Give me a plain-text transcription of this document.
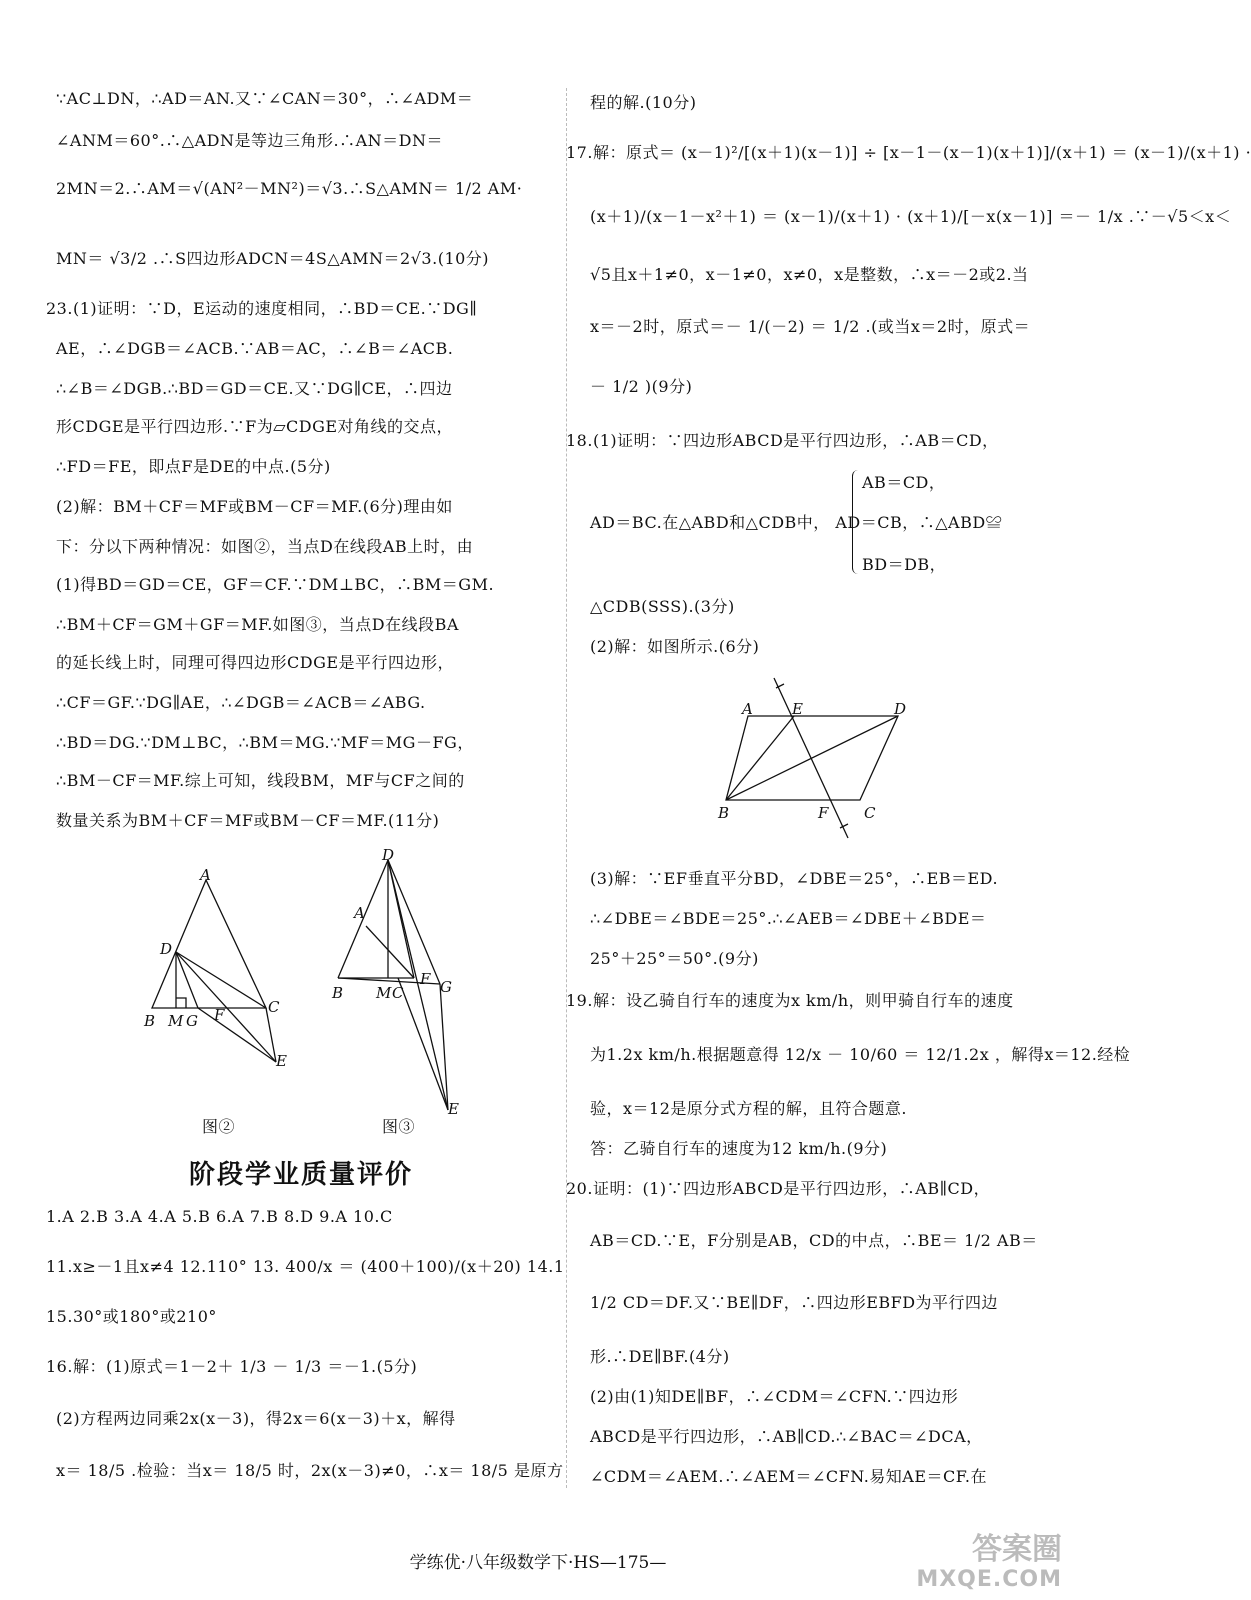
∵AC⊥DN，∴AD＝AN.又∵∠CAN＝30°，∴∠ADM＝
∠ANM＝60°.∴△ADN是等边三角形.∴AN＝DN＝
2MN＝2.∴AM＝√(AN²－MN²)＝√3.∴S△AMN＝ 1/2 AM·
MN＝ √3/2 .∴S四边形ADCN＝4S△AMN＝2√3.(10分)
23.(1)证明：∵D，E运动的速度相同，∴BD＝CE.∵DG∥
AE，∴∠DGB＝∠ACB.∵AB＝AC，∴∠B＝∠ACB.
∴∠B＝∠DGB.∴BD＝GD＝CE.又∵DG∥CE，∴四边
形CDGE是平行四边形.∵F为▱CDGE对角线的交点，
∴FD＝FE，即点F是DE的中点.(5分)
(2)解：BM＋CF＝MF或BM－CF＝MF.(6分)理由如
下：分以下两种情况：如图②，当点D在线段AB上时，由
(1)得BD＝GD＝CE，GF＝CF.∵DM⊥BC，∴BM＝GM.
∴BM＋CF＝GM＋GF＝MF.如图③，当点D在线段BA
的延长线上时，同理可得四边形CDGE是平行四边形，
∴CF＝GF.∵DG∥AE，∴∠DGB＝∠ACB＝∠ABG.
∴BD＝DG.∵DM⊥BC，∴BM＝MG.∵MF＝MG－FG，
∴BM－CF＝MF.综上可知，线段BM，MF与CF之间的
数量关系为BM＋CF＝MF或BM－CF＝MF.(11分)
A
D
B M G F	C
E
图②
D
A
B M C
F G
E
图③
阶段学业质量评价
1.A 2.B 3.A 4.A 5.B 6.A 7.B 8.D 9.A 10.C
11.x≥－1且x≠4 12.110° 13. 400/x ＝ (400＋100)/(x＋20) 14.1
15.30°或180°或210°
16.解：(1)原式＝1－2＋ 1/3 － 1/3 ＝－1.(5分)
(2)方程两边同乘2x(x－3)，得2x＝6(x－3)＋x，解得
x＝ 18/5 .检验：当x＝ 18/5 时，2x(x－3)≠0，∴x＝ 18/5 是原方
程的解.(10分)
17.解：原式＝ (x－1)²/[(x＋1)(x－1)] ÷ [x－1－(x－1)(x＋1)]/(x＋1) ＝ (x－1)/(x＋1) ·
(x＋1)/(x－1－x²＋1) ＝ (x－1)/(x＋1) · (x＋1)/[－x(x－1)] ＝－ 1/x .∵－√5＜x＜
√5且x＋1≠0，x－1≠0，x≠0，x是整数，∴x＝－2或2.当
x＝－2时，原式＝－ 1/(－2) ＝ 1/2 .(或当x＝2时，原式＝
－ 1/2 )(9分)
18.(1)证明：∵四边形ABCD是平行四边形，∴AB＝CD，
AB＝CD，
AD＝BC.在△ABD和△CDB中， AD＝CB，∴△ABD≌
BD＝DB，
△CDB(SSS).(3分)
(2)解：如图所示.(6分)
A	E	D
B	F C
(3)解：∵EF垂直平分BD，∠DBE＝25°，∴EB＝ED.
∴∠DBE＝∠BDE＝25°.∴∠AEB＝∠DBE＋∠BDE＝
25°＋25°＝50°.(9分)
19.解：设乙骑自行车的速度为x km/h，则甲骑自行车的速度
为1.2x km/h.根据题意得 12/x － 10/60 ＝ 12/1.2x ，解得x＝12.经检
验，x＝12是原分式方程的解，且符合题意.
答：乙骑自行车的速度为12 km/h.(9分)
20.证明：(1)∵四边形ABCD是平行四边形，∴AB∥CD，
AB＝CD.∵E，F分别是AB，CD的中点，∴BE＝ 1/2 AB＝
1/2 CD＝DF.又∵BE∥DF，∴四边形EBFD为平行四边
形.∴DE∥BF.(4分)
(2)由(1)知DE∥BF，∴∠CDM＝∠CFN.∵四边形
ABCD是平行四边形，∴AB∥CD.∴∠BAC＝∠DCA，
∠CDM＝∠AEM.∴∠AEM＝∠CFN.易知AE＝CF.在
学练优·八年级数学下·HS—175—	答案圈
MXQE.COM
